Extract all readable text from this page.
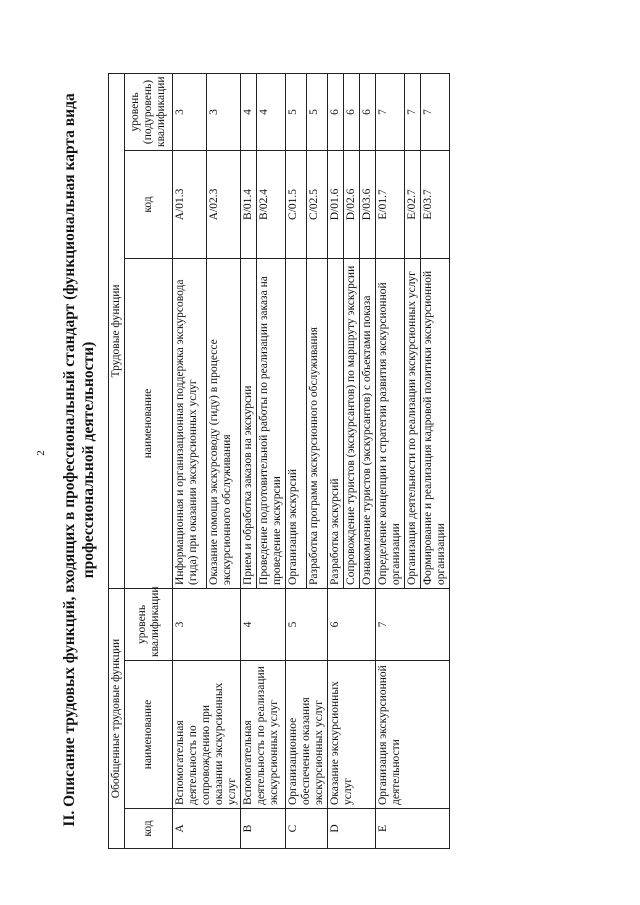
2 II. Описание трудовых функций, входящих в профессиональный стандарт (функциональная карта вида профессиональной деятельности)
Обобщенные трудовые функции			Трудовые функции		
код	наименование	уровень квалификации	наименование	код	уровень (подуровень) квалификации
A	Вспомогательная деятельность по сопровождению при оказании экскурсионных услуг	3	Информационная и организационная поддержка экскурсовода (гида) при оказании экскурсионных услуг	A/01.3	3
			Оказание помощи экскурсоводу (гиду) в процессе экскурсионного обслуживания	A/02.3	3
B	Вспомогательная деятельность по реализации экскурсионных услуг	4	Прием и обработка заказов на экскурсии	B/01.4	4
			Проведение подготовительной работы по реализации заказа на проведение экскурсии	B/02.4	4
C	Организационное обеспечение оказания экскурсионных услуг	5	Организация экскурсий	C/01.5	5
			Разработка программ экскурсионного обслуживания	C/02.5	5
D	Оказание экскурсионных услуг	6	Разработка экскурсий	D/01.6	6
			Сопровождение туристов (экскурсантов) по маршруту экскурсии	D/02.6	6
			Ознакомление туристов (экскурсантов) с объектами показа	D/03.6	6
E	Организация экскурсионной деятельности	7	Определение концепции и стратегии развития экскурсионной организации	E/01.7	7
			Организация деятельности по реализации экскурсионных услуг	E/02.7	7
			Формирование и реализация кадровой политики экскурсионной организации	E/03.7	7
